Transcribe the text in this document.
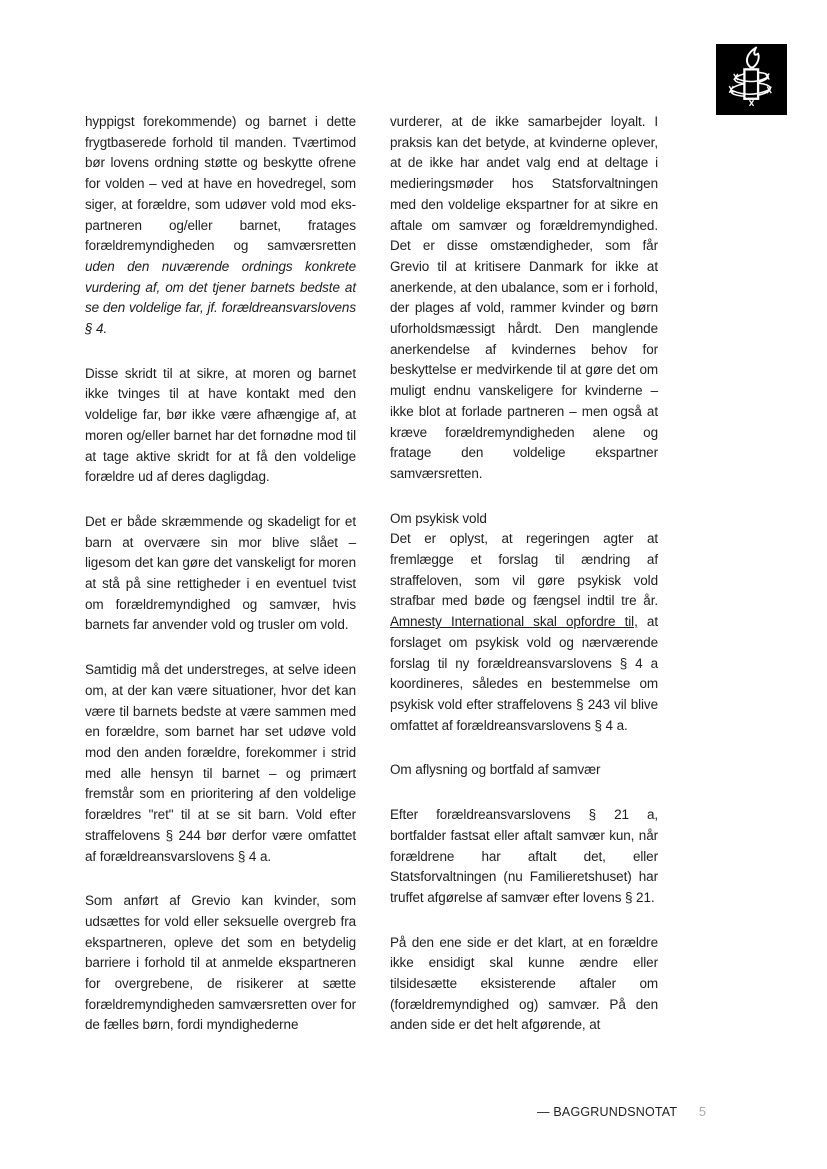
hyppigst forekommende) og barnet i dette frygtbaserede forhold til manden. Tværtimod bør lovens ordning støtte og beskytte ofrene for volden – ved at have en hovedregel, som siger, at forældre, som udøver vold mod eks-partneren og/eller barnet, fratages forældremyndigheden og samværsretten uden den nuværende ordnings konkrete vurdering af, om det tjener barnets bedste at se den voldelige far, jf. forældreansvarslovens § 4.

Disse skridt til at sikre, at moren og barnet ikke tvinges til at have kontakt med den voldelige far, bør ikke være afhængige af, at moren og/eller barnet har det fornødne mod til at tage aktive skridt for at få den voldelige forældre ud af deres dagligdag.

Det er både skræmmende og skadeligt for et barn at overvære sin mor blive slået – ligesom det kan gøre det vanskeligt for moren at stå på sine rettigheder i en eventuel tvist om forældremyndighed og samvær, hvis barnets far anvender vold og trusler om vold.

Samtidig må det understreges, at selve ideen om, at der kan være situationer, hvor det kan være til barnets bedste at være sammen med en forældre, som barnet har set udøve vold mod den anden forældre, forekommer i strid med alle hensyn til barnet – og primært fremstår som en prioritering af den voldelige forældres "ret" til at se sit barn. Vold efter straffelovens § 244 bør derfor være omfattet af forældreansvarslovens § 4 a.

Som anført af Grevio kan kvinder, som udsættes for vold eller seksuelle overgreb fra ekspartneren, opleve det som en betydelig barriere i forhold til at anmelde ekspartneren for overgrebene, de risikerer at sætte forældremyndigheden samværsretten over for de fælles børn, fordi myndighederne

vurderer, at de ikke samarbejder loyalt. I praksis kan det betyde, at kvinderne oplever, at de ikke har andet valg end at deltage i medieringsmøder hos Statsforvaltningen med den voldelige ekspartner for at sikre en aftale om samvær og forældremyndighed. Det er disse omstændigheder, som får Grevio til at kritisere Danmark for ikke at anerkende, at den ubalance, som er i forhold, der plages af vold, rammer kvinder og børn uforholdsmæssigt hårdt. Den manglende anerkendelse af kvindernes behov for beskyttelse er medvirkende til at gøre det om muligt endnu vanskeligere for kvinderne – ikke blot at forlade partneren – men også at kræve forældremyndigheden alene og fratage den voldelige ekspartner samværsretten.

Om psykisk vold

Det er oplyst, at regeringen agter at fremlægge et forslag til ændring af straffeloven, som vil gøre psykisk vold strafbar med bøde og fængsel indtil tre år. Amnesty International skal opfordre til, at forslaget om psykisk vold og nærværende forslag til ny forældreansvarslovens § 4 a koordineres, således en bestemmelse om psykisk vold efter straffelovens § 243 vil blive omfattet af forældreansvarslovens § 4 a.

Om aflysning og bortfald af samvær

Efter forældreansvarslovens § 21 a, bortfalder fastsat eller aftalt samvær kun, når forældrene har aftalt det, eller Statsforvaltningen (nu Familieretshuset) har truffet afgørelse af samvær efter lovens § 21.

På den ene side er det klart, at en forældre ikke ensidigt skal kunne ændre eller tilsidesætte eksisterende aftaler om (forældremyndighed og) samvær. På den anden side er det helt afgørende, at

— BAGGRUNDSNOTAT 5
